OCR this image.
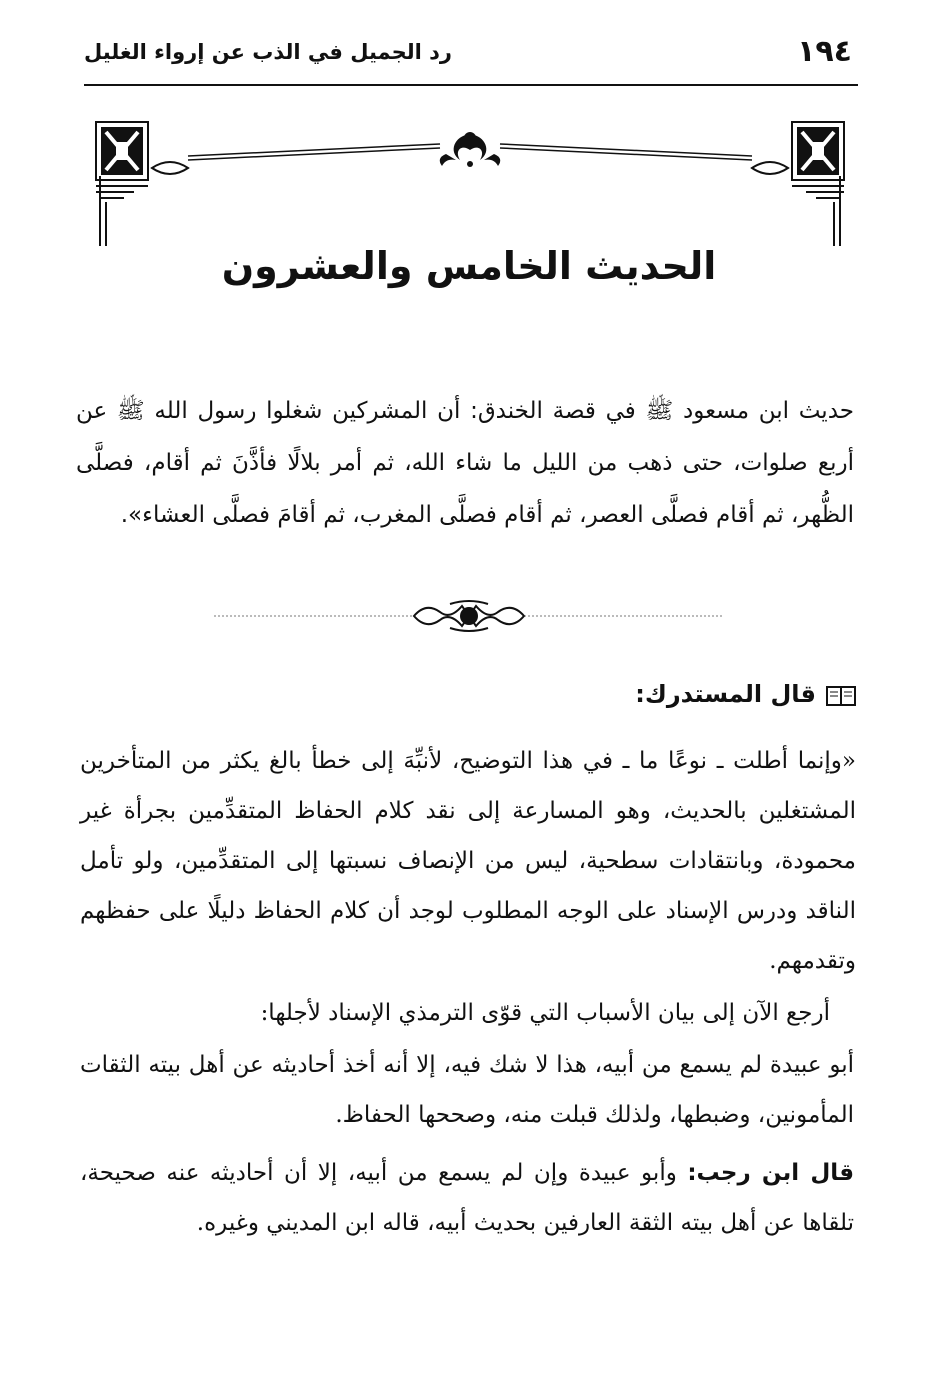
١٩٤
رد الجميل في الذب عن إرواء الغليل
الحديث الخامس والعشرون
حديث ابن مسعود ﷺ في قصة الخندق: أن المشركين شغلوا رسول الله ﷺ عن أربع صلوات، حتى ذهب من الليل ما شاء الله، ثم أمر بلالًا فأذَّنَ ثم أقام، فصلَّى الظُّهر، ثم أقام فصلَّى العصر، ثم أقام فصلَّى المغرب، ثم أقامَ فصلَّى العشاء».
قال المستدرك:
«وإنما أطلت ـ نوعًا ما ـ في هذا التوضيح، لأنبِّهَ إلى خطأ بالغ يكثر من المتأخرين المشتغلين بالحديث، وهو المسارعة إلى نقد كلام الحفاظ المتقدِّمين بجرأة غير محمودة، وبانتقادات سطحية، ليس من الإنصاف نسبتها إلى المتقدِّمين، ولو تأمل الناقد ودرس الإسناد على الوجه المطلوب لوجد أن كلام الحفاظ دليلًا على حفظهم وتقدمهم.
أرجع الآن إلى بيان الأسباب التي قوّى الترمذي الإسناد لأجلها:
أبو عبيدة لم يسمع من أبيه، هذا لا شك فيه، إلا أنه أخذ أحاديثه عن أهل بيته الثقات المأمونين، وضبطها، ولذلك قبلت منه، وصححها الحفاظ.
قال ابن رجب: وأبو عبيدة وإن لم يسمع من أبيه، إلا أن أحاديثه عنه صحيحة، تلقاها عن أهل بيته الثقة العارفين بحديث أبيه، قاله ابن المديني وغيره.
